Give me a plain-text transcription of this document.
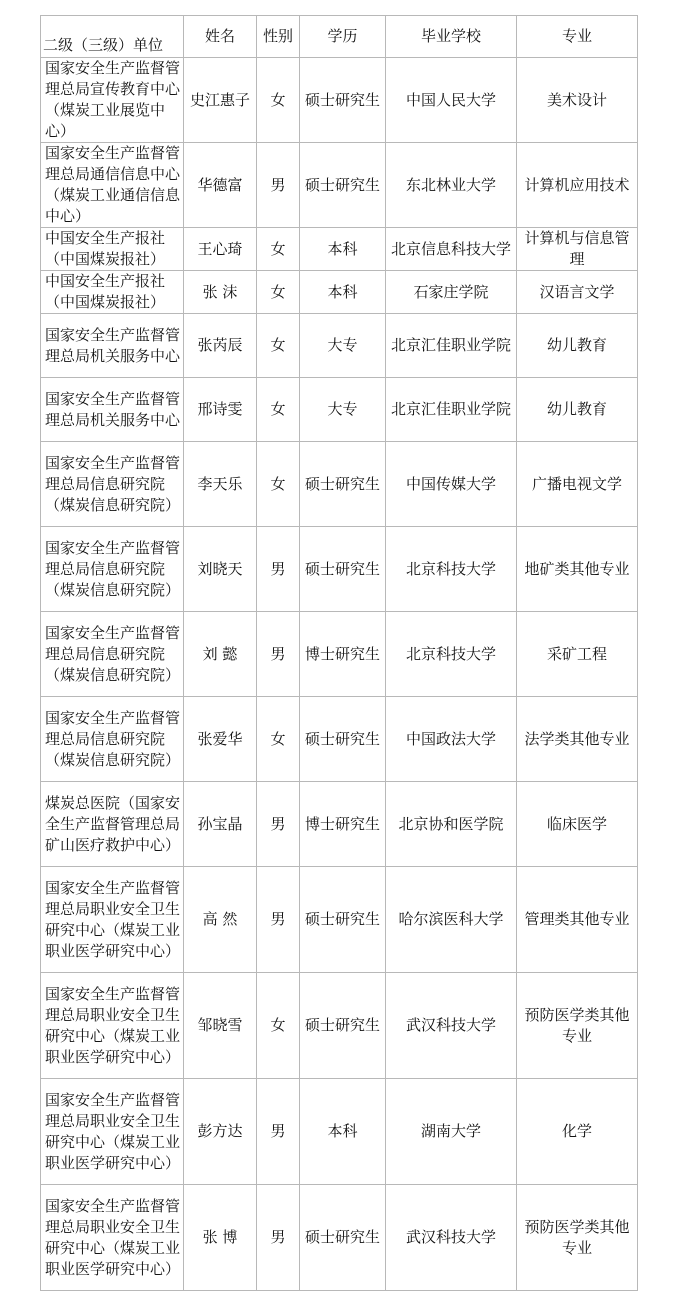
二级（三级）单位	姓名	性别	学历	毕业学校	专业
国家安全生产监督管理总局宣传教育中心（煤炭工业展览中心）	史江惠子	女	硕士研究生	中国人民大学	美术设计
国家安全生产监督管理总局通信信息中心（煤炭工业通信信息中心）	华德富	男	硕士研究生	东北林业大学	计算机应用技术
中国安全生产报社（中国煤炭报社）	王心琦	女	本科	北京信息科技大学	计算机与信息管理
中国安全生产报社（中国煤炭报社）	张 沫	女	本科	石家庄学院	汉语言文学
国家安全生产监督管理总局机关服务中心	张芮辰	女	大专	北京汇佳职业学院	幼儿教育
国家安全生产监督管理总局机关服务中心	邢诗雯	女	大专	北京汇佳职业学院	幼儿教育
国家安全生产监督管理总局信息研究院（煤炭信息研究院）	李天乐	女	硕士研究生	中国传媒大学	广播电视文学
国家安全生产监督管理总局信息研究院（煤炭信息研究院）	刘晓天	男	硕士研究生	北京科技大学	地矿类其他专业
国家安全生产监督管理总局信息研究院（煤炭信息研究院）	刘 懿	男	博士研究生	北京科技大学	采矿工程
国家安全生产监督管理总局信息研究院（煤炭信息研究院）	张爱华	女	硕士研究生	中国政法大学	法学类其他专业
煤炭总医院（国家安全生产监督管理总局矿山医疗救护中心）	孙宝晶	男	博士研究生	北京协和医学院	临床医学
国家安全生产监督管理总局职业安全卫生研究中心（煤炭工业职业医学研究中心）	高 然	男	硕士研究生	哈尔滨医科大学	管理类其他专业
国家安全生产监督管理总局职业安全卫生研究中心（煤炭工业职业医学研究中心）	邹晓雪	女	硕士研究生	武汉科技大学	预防医学类其他专业
国家安全生产监督管理总局职业安全卫生研究中心（煤炭工业职业医学研究中心）	彭方达	男	本科	湖南大学	化学
国家安全生产监督管理总局职业安全卫生研究中心（煤炭工业职业医学研究中心）	张 博	男	硕士研究生	武汉科技大学	预防医学类其他专业
